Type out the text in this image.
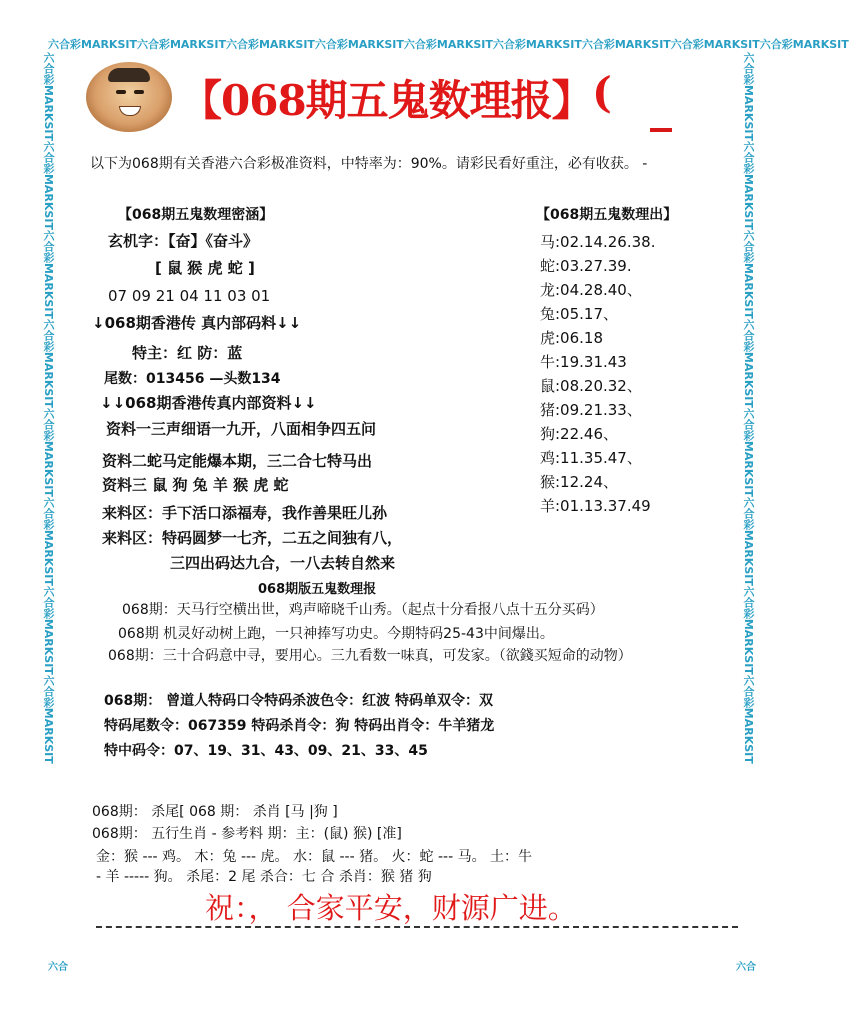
六合彩MARKSIT六合彩MARKSIT六合彩MARKSIT六合彩MARKSIT六合彩MARKSIT六合彩MARKSIT六合彩MARKSIT六合彩MARKSIT六合彩MARKSIT
六合彩MARKSIT六合彩MARKSIT六合彩MARKSIT六合彩MARKSIT六合彩MARKSIT六合彩MARKSIT六合彩MARKSIT六合彩MARKSIT	六合彩MARKSIT六合彩MARKSIT六合彩MARKSIT六合彩MARKSIT六合彩MARKSIT六合彩MARKSIT六合彩MARKSIT六合彩MARKSIT
六合	六合
【068期五鬼数理报】 (
以下为068期有关香港六合彩极准资料，中特率为：90%。请彩民看好重注，必有收获。 -
【068期五鬼数理密涵】
玄机字：【奋】《奋斗》
[ 鼠 猴 虎 蛇 ]
07 09 21 04 11 03 01
↓068期香港传 真内部码料↓↓
特主：红 防：蓝
尾数：013456 —头数134
↓↓068期香港传真内部资料↓↓
资料一三声细语一九开，八面相争四五问
资料二蛇马定能爆本期，三二合七特马出
资料三 鼠 狗 兔 羊 猴 虎 蛇
来料区：手下活口添福寿，我作善果旺儿孙
来料区：特码圆梦一七齐，二五之间独有八，
三四出码达九合，一八去转自然来
【068期五鬼数理出】
马:02.14.26.38.
蛇:03.27.39.
龙:04.28.40、
兔:05.17、
虎:06.18
牛:19.31.43
鼠:08.20.32、
猪:09.21.33、
狗:22.46、
鸡:11.35.47、
猴:12.24、
羊:01.13.37.49
068期版五鬼数理报
068期：天马行空横出世，鸡声啼晓千山秀。（起点十分看报八点十五分买码）
068期 机灵好动树上跑，一只神捧写功史。今期特码25-43中间爆出。
068期：三十合码意中寻，要用心。三九看数一味真，可发家。（欲錢买短命的动物）
068期： 曾道人特码口令特码杀波色令：红波 特码单双令：双
特码尾数令：067359 特码杀肖令：狗 特码出肖令：牛羊猪龙
特中码令：07、19、31、43、09、21、33、45
068期： 杀尾[ 068 期： 杀肖 [马 |狗 ]
068期： 五行生肖 - 参考料 期：主：(鼠) 猴) [准]
金：猴 --- 鸡。 木：兔 --- 虎。 水：鼠 --- 猪。 火：蛇 --- 马。 土：牛
- 羊 ----- 狗。 杀尾：2 尾 杀合：七 合 杀肖：猴 猪 狗
祝：， 合家平安，财源广进。
